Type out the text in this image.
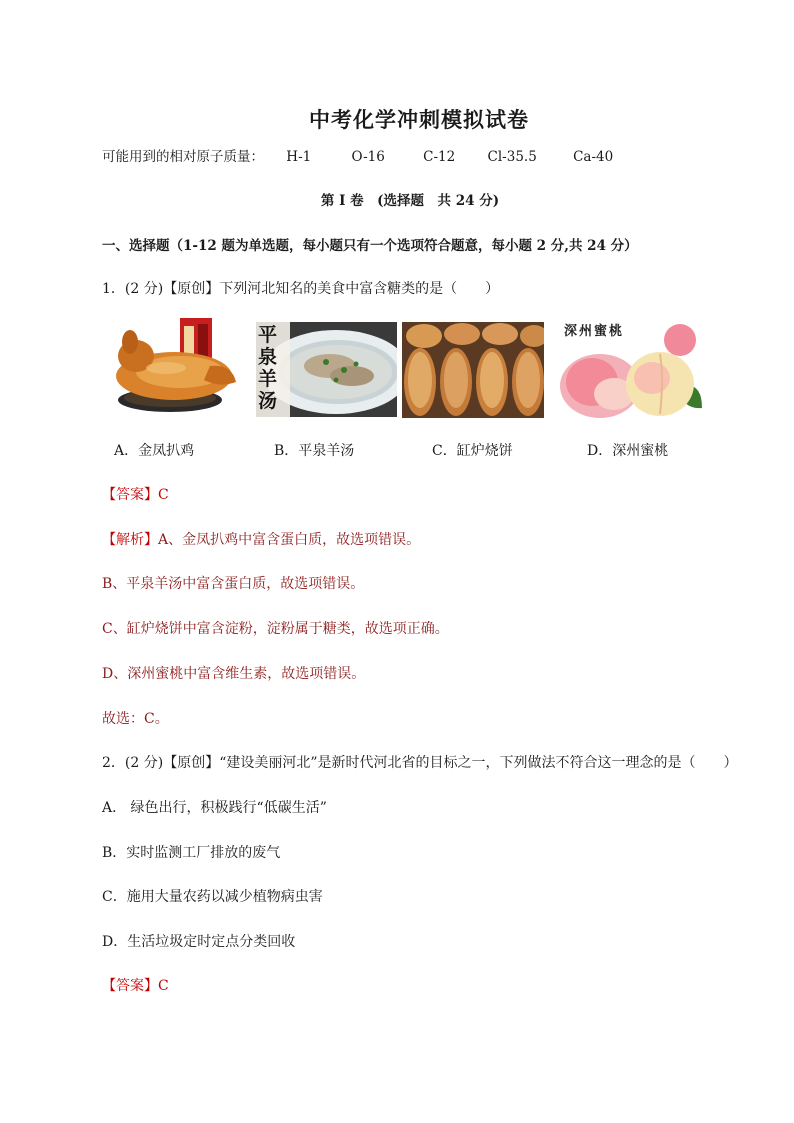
中考化学冲刺模拟试卷
可能用到的相对原子质量： H-1	O-16	C-12 Cl-35.5	Ca-40
第 I 卷　(选择题　共 24 分)
一、选择题（1-12 题为单选题，每小题只有一个选项符合题意，每小题 2 分,共 24 分）
1．(2 分)【原创】下列河北知名的美食中富含糖类的是（　　）
平泉羊汤
深州蜜桃
A．金凤扒鸡	B．平泉羊汤	C．缸炉烧饼	D．深州蜜桃
【答案】C
【解析】A、金凤扒鸡中富含蛋白质，故选项错误。
B、平泉羊汤中富含蛋白质，故选项错误。
C、缸炉烧饼中富含淀粉，淀粉属于糖类，故选项正确。
D、深州蜜桃中富含维生素，故选项错误。
故选：C。
2．(2 分)【原创】“建设美丽河北”是新时代河北省的目标之一，下列做法不符合这一理念的是（　　）
A． 绿色出行，积极践行“低碳生活”
B．实时监测工厂排放的废气
C．施用大量农药以减少植物病虫害
D．生活垃圾定时定点分类回收
【答案】C
